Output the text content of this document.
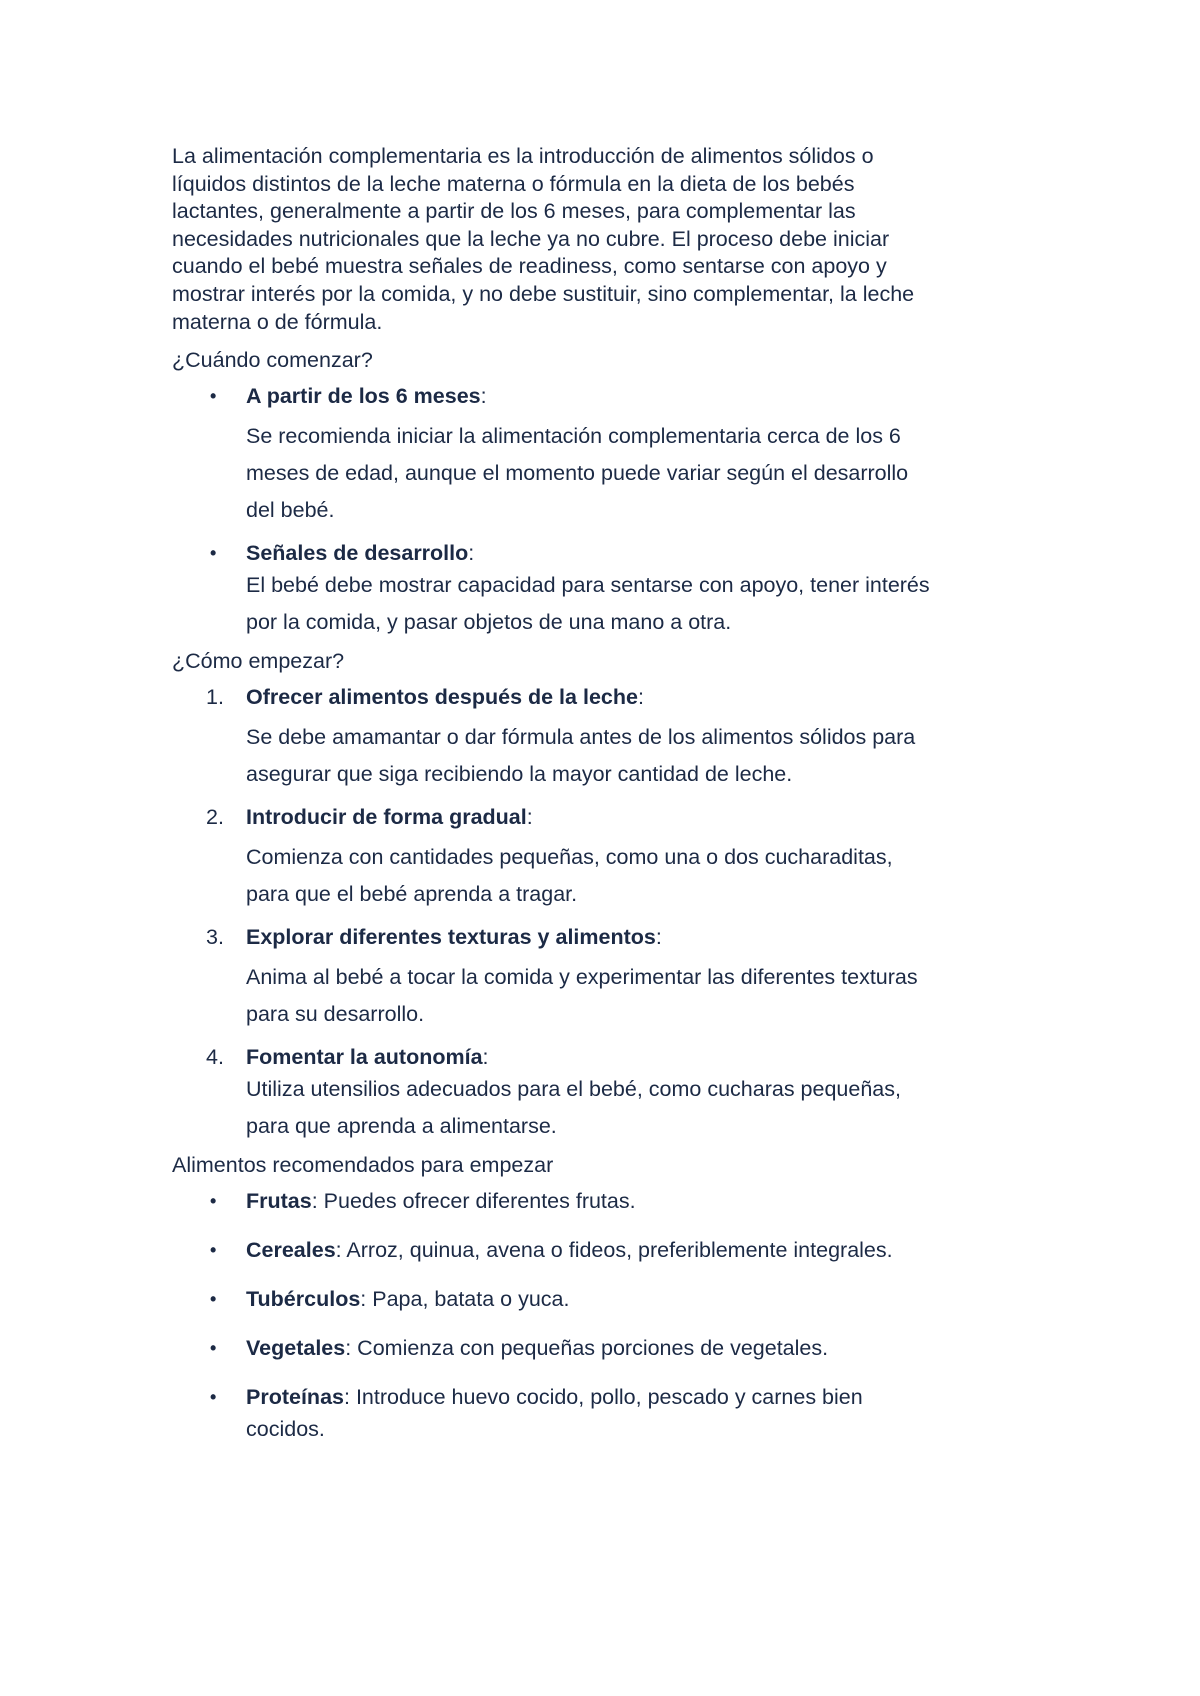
La alimentación complementaria es la introducción de alimentos sólidos o
líquidos distintos de la leche materna o fórmula en la dieta de los bebés
lactantes, generalmente a partir de los 6 meses, para complementar las
necesidades nutricionales que la leche ya no cubre. El proceso debe iniciar
cuando el bebé muestra señales de readiness, como sentarse con apoyo y
mostrar interés por la comida, y no debe sustituir, sino complementar, la leche
materna o de fórmula.
¿Cuándo comenzar?
• A partir de los 6 meses:
Se recomienda iniciar la alimentación complementaria cerca de los 6
meses de edad, aunque el momento puede variar según el desarrollo
del bebé.
• Señales de desarrollo:
El bebé debe mostrar capacidad para sentarse con apoyo, tener interés
por la comida, y pasar objetos de una mano a otra.
¿Cómo empezar?
1. Ofrecer alimentos después de la leche:
Se debe amamantar o dar fórmula antes de los alimentos sólidos para
asegurar que siga recibiendo la mayor cantidad de leche.
2. Introducir de forma gradual:
Comienza con cantidades pequeñas, como una o dos cucharaditas,
para que el bebé aprenda a tragar.
3. Explorar diferentes texturas y alimentos:
Anima al bebé a tocar la comida y experimentar las diferentes texturas
para su desarrollo.
4. Fomentar la autonomía:
Utiliza utensilios adecuados para el bebé, como cucharas pequeñas,
para que aprenda a alimentarse.
Alimentos recomendados para empezar
• Frutas: Puedes ofrecer diferentes frutas.
• Cereales: Arroz, quinua, avena o fideos, preferiblemente integrales.
• Tubérculos: Papa, batata o yuca.
• Vegetales: Comienza con pequeñas porciones de vegetales.
• Proteínas: Introduce huevo cocido, pollo, pescado y carnes bien
cocidos.
